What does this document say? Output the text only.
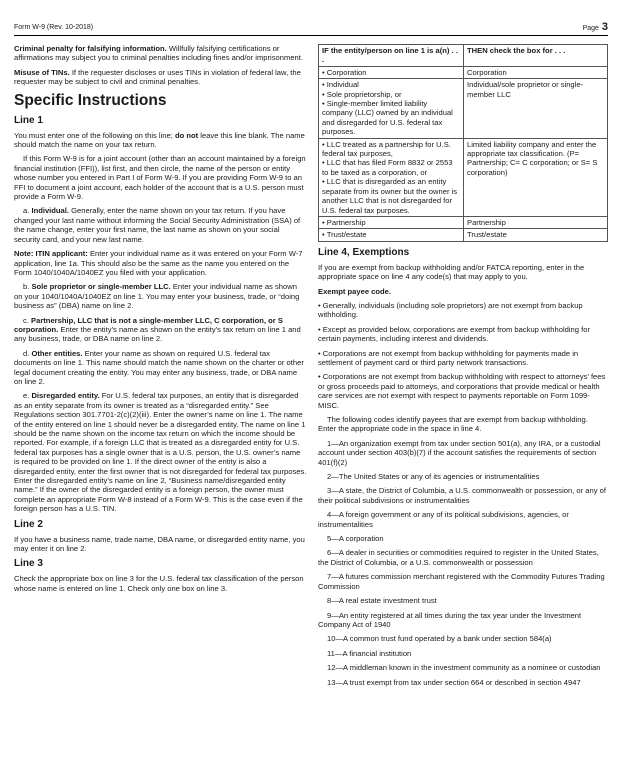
Form W-9 (Rev. 10-2018)	Page 3

Criminal penalty for falsifying information. Willfully falsifying certifications or affirmations may subject you to criminal penalties including fines and/or imprisonment.

Misuse of TINs. If the requester discloses or uses TINs in violation of federal law, the requester may be subject to civil and criminal penalties.

Specific Instructions
Line 1

You must enter one of the following on this line; do not leave this line blank. The name should match the name on your tax return.

If this Form W-9 is for a joint account (other than an account maintained by a foreign financial institution (FFI)), list first, and then circle, the name of the person or entity whose number you entered in Part I of Form W-9. If you are providing Form W-9 to an FFI to document a joint account, each holder of the account that is a U.S. person must provide a Form W-9.

a. Individual. Generally, enter the name shown on your tax return. If you have changed your last name without informing the Social Security Administration (SSA) of the name change, enter your first name, the last name as shown on your social security card, and your new last name.

Note: ITIN applicant: Enter your individual name as it was entered on your Form W-7 application, line 1a. This should also be the same as the name you entered on the Form 1040/1040A/1040EZ you filed with your application.

b. Sole proprietor or single-member LLC. Enter your individual name as shown on your 1040/1040A/1040EZ on line 1. You may enter your business, trade, or “doing business as” (DBA) name on line 2.

c. Partnership, LLC that is not a single-member LLC, C corporation, or S corporation. Enter the entity’s name as shown on the entity’s tax return on line 1 and any business, trade, or DBA name on line 2.

d. Other entities. Enter your name as shown on required U.S. federal tax documents on line 1. This name should match the name shown on the charter or other legal document creating the entity. You may enter any business, trade, or DBA name on line 2.

e. Disregarded entity. For U.S. federal tax purposes, an entity that is disregarded as an entity separate from its owner is treated as a “disregarded entity.” See Regulations section 301.7701-2(c)(2)(iii). Enter the owner’s name on line 1. The name of the entity entered on line 1 should never be a disregarded entity. The name on line 1 should be the name shown on the income tax return on which the income should be reported. For example, if a foreign LLC that is treated as a disregarded entity for U.S. federal tax purposes has a single owner that is a U.S. person, the U.S. owner’s name is required to be provided on line 1. If the direct owner of the entity is also a disregarded entity, enter the first owner that is not disregarded for federal tax purposes. Enter the disregarded entity’s name on line 2, “Business name/disregarded entity name.” If the owner of the disregarded entity is a foreign person, the owner must complete an appropriate Form W-8 instead of a Form W-9. This is the case even if the foreign person has a U.S. TIN.

Line 2

If you have a business name, trade name, DBA name, or disregarded entity name, you may enter it on line 2.

Line 3

Check the appropriate box on line 3 for the U.S. federal tax classification of the person whose name is entered on line 1. Check only one box on line 3.

IF the entity/person on line 1 is a(n) . . .	THEN check the box for . . .

• Corporation	Corporation

• Individual
• Sole proprietorship, or
• Single-member limited liability company (LLC) owned by an individual and disregarded for U.S. federal tax purposes.	Individual/sole proprietor or single-member LLC

• LLC treated as a partnership for U.S. federal tax purposes,
• LLC that has filed Form 8832 or 2553 to be taxed as a corporation, or
• LLC that is disregarded as an entity separate from its owner but the owner is another LLC that is not disregarded for U.S. federal tax purposes.	Limited liability company and enter the appropriate tax classification. (P= Partnership; C= C corporation; or S= S corporation)

• Partnership	Partnership

• Trust/estate	Trust/estate
Line 4, Exemptions

If you are exempt from backup withholding and/or FATCA reporting, enter in the appropriate space on line 4 any code(s) that may apply to you.

Exempt payee code.

• Generally, individuals (including sole proprietors) are not exempt from backup withholding.

• Except as provided below, corporations are exempt from backup withholding for certain payments, including interest and dividends.

• Corporations are not exempt from backup withholding for payments made in settlement of payment card or third party network transactions.

• Corporations are not exempt from backup withholding with respect to attorneys’ fees or gross proceeds paid to attorneys, and corporations that provide medical or health care services are not exempt with respect to payments reportable on Form 1099-MISC.

The following codes identify payees that are exempt from backup withholding. Enter the appropriate code in the space in line 4.

1—An organization exempt from tax under section 501(a), any IRA, or a custodial account under section 403(b)(7) if the account satisfies the requirements of section 401(f)(2)

2—The United States or any of its agencies or instrumentalities

3—A state, the District of Columbia, a U.S. commonwealth or possession, or any of their political subdivisions or instrumentalities

4—A foreign government or any of its political subdivisions, agencies, or instrumentalities

5—A corporation

6—A dealer in securities or commodities required to register in the United States, the District of Columbia, or a U.S. commonwealth or possession

7—A futures commission merchant registered with the Commodity Futures Trading Commission

8—A real estate investment trust

9—An entity registered at all times during the tax year under the Investment Company Act of 1940

10—A common trust fund operated by a bank under section 584(a)

11—A financial institution

12—A middleman known in the investment community as a nominee or custodian

13—A trust exempt from tax under section 664 or described in section 4947
